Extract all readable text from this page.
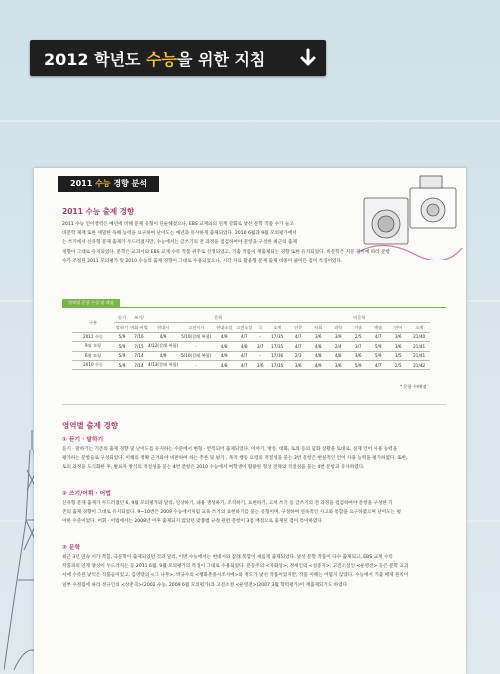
2012 학년도 수능을 위한 지침
2011 수능 경향 분석
2011 수능 출제 경향
2011 수능 언어영역은 예년에 비해 문제 유형이 단순해졌으나, EBS 교재와의 연계 강화로 낯선 문학 작품 수가 늘고
비문학 제재 또한 세밀한 독해 능력을 요구하여 난이도는 예년과 유사하게 출제되었다. 2010 6월과 9월 모의평가에서
는 쓰기에서 신유형 문제 출제가 두드러졌지만, 수능에서는 글쓰기의 전 과정을 점검하여야 문항을 구성한 최근의 출제
경향이 그대로 유지되었다. 문학은 교과서와 EBS 교재 수록 작품 위주로 선정되었고, 기출 작품이 재출제되는 경향 또한 유지되었다. 비문학은 지문 길이에 따라 문항
수가 조절된 2011 모의평가 및 2010 수능의 출제 경향이 그대로 수용되었으나, 시각 자료 활용형 문제 출제 비중이 줄어든 점이 특징이었다.
영역별 문항 구성 및 배점
구분	듣기	쓰기/	문학						비문학						
	말하기	어휘·어법	현대시	고전시가	현대소설	고전소설	극	소계	인문	사회	과학	기술	예술	언어	소계
2011 수능	5/9	7/16	4/9	5/10(갈래 복합)	4/9	4/7	-	17/35	4/7	3/6	3/9	2/5	4/7	3/6	21/40
9월 모평	5/9	7/15	4/12(갈래 복합)	-	4/8	4/8	3/7	17/35	4/7	4/8	2/4	3/7	5/9	3/6	21/41
6월 모평	5/9	7/14	4/9	5/10(갈래 복합)	4/9	4/7	-	17/36	2/3	4/8	4/8	3/6	5/9	3/5	21/41
2010 수능	5/9	7/14	4/13(갈래 복합)	-	4/8	4/7	3/6	17/35	3/6	4/9	3/6	5/9	4/7	2/5	21/42
* 문항 수/배점
영역별 출제 경향
① 듣기 · 말하기
듣기 · 말하기는 기존의 출제 경향 및 난이도를 유지하는 수준에서 변형 · 반복되어 출제되었다. 이야기, 방송, 대화, 토의 등의 담화 상황을 토대로, 실제 언어 사용 능력을
평가하는 문항들로 구성되었다. 이해의 정확 근거와야 비판하여 하는 추론 및 평가 , 목적 행동 요령의 적절성을 묻는 3번 문항은 현실적인 언어 사용 능력을 평가하였다. 또한,
토의 과정을 도식화한 후, 발표자 방식의 적절성을 묻는 4번 문항은 2010 수능에서 여학생이 활용한 형상 전략의 적절성을 묻는 4번 문항과 유사하였다.
② 쓰기/어휘 · 어법
신유형 문제 출제가 두드러졌던 6, 9월 모의평가와 달리, 연상하기, 내용 생성하기, 조직하기, 표현하기, 고쳐 쓰기 등 글쓰기의 전 과정을 점검하여야 문항을 구성한 기
존의 출제 경향이 그대로 유지되었다. 9~10번은 2009 수능에서처럼 교육 쓰기의 표현하기를 묻는 유형이며, 구성하여 연속적인 사고와 통합을 요구하였으며 난이도는 평
이한 수준이었다. 어휘 · 어법에서는 2008년 이후 출제되지 않았던 맞춤법 규정 관련 문항이 3점 배점으로 출제된 점이 특이하였다.
③ 문학
최근 3년 연속 시가 복합, 극문학이 출제되었던 것과 달리, 이번 수능에서는 현대시와 갈래 복합이 새롭게 출제되었다. 낯선 문학 작품이 다수 출제되고, EBS 교재 수록
작품과의 연계 양상이 두드러지는 등 2011 6월, 9월 모의평가의 특징이 그대로 수용되었다. 문동주의 <자화상>, 정세인의 <설중자>, 고전소설인 <운영전> 등은 문학 교과
서에 수록된 낯익은 작품들이었고, 김영랑의 <그 나무>, 박규수의 <행화춘종시조사에>와 정도가 낯선 작품이었지만, 작품 이해는 어렵지 않았다. 수능에서 기출 배제 원칙이
일부 수정됨에 따라 정규인의 <상춘곡>(2002 수능, 2009 6월 모의평가)과 고전소설 <운영전>(2007 3월 학력평가)이 재출제되기도 하였다.
